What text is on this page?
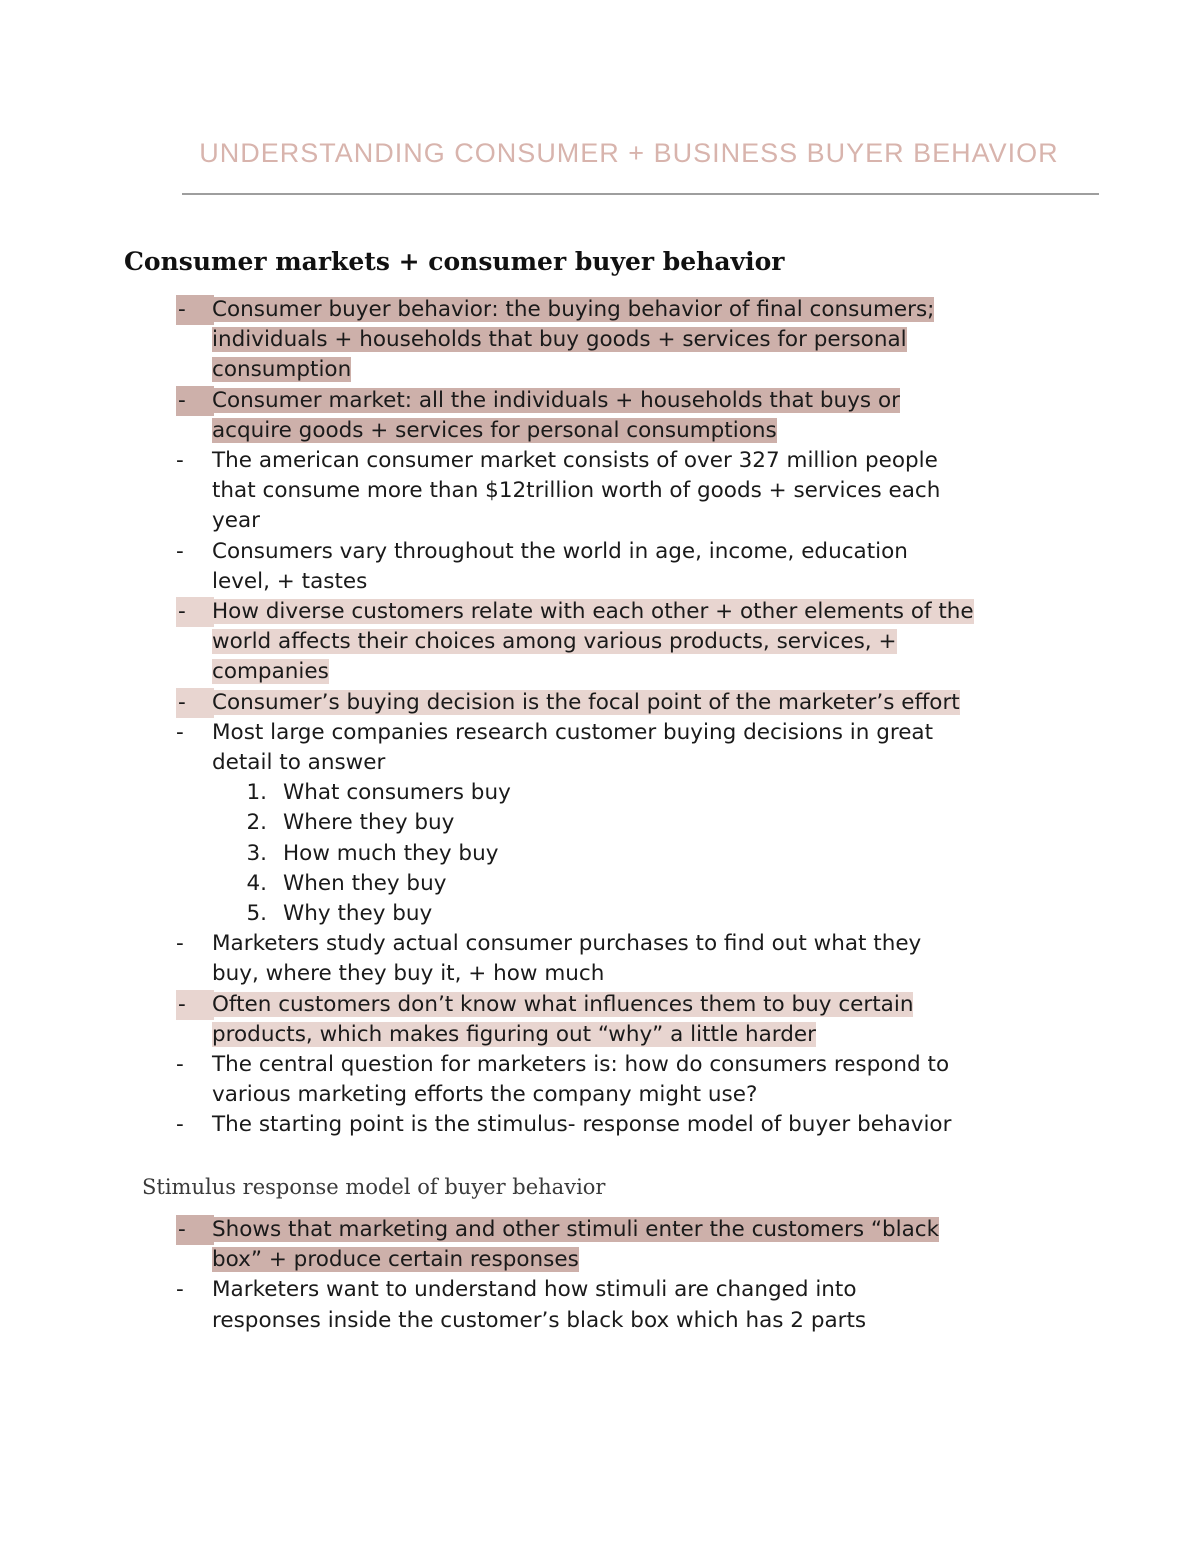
UNDERSTANDING CONSUMER + BUSINESS BUYER BEHAVIOR
Consumer markets + consumer buyer behavior
-	Consumer buyer behavior: the buying behavior of final consumers;
individuals + households that buy goods + services for personal
consumption
-	Consumer market: all the individuals + households that buys or
acquire goods + services for personal consumptions
- The american consumer market consists of over 327 million people
that consume more than $12trillion worth of goods + services each
year
- Consumers vary throughout the world in age, income, education
level, + tastes
-	How diverse customers relate with each other + other elements of the
world affects their choices among various products, services, +
companies
-	Consumer’s buying decision is the focal point of the marketer’s effort
- Most large companies research customer buying decisions in great
detail to answer
1. What consumers buy
2. Where they buy
3. How much they buy
4. When they buy
5. Why they buy
- Marketers study actual consumer purchases to find out what they
buy, where they buy it, + how much
-	Often customers don’t know what influences them to buy certain
products, which makes figuring out “why” a little harder
- The central question for marketers is: how do consumers respond to
various marketing efforts the company might use?
- The starting point is the stimulus- response model of buyer behavior
-	Shows that marketing and other stimuli enter the customers “black
box” + produce certain responses
- Marketers want to understand how stimuli are changed into
responses inside the customer’s black box which has 2 parts
Stimulus response model of buyer behavior
